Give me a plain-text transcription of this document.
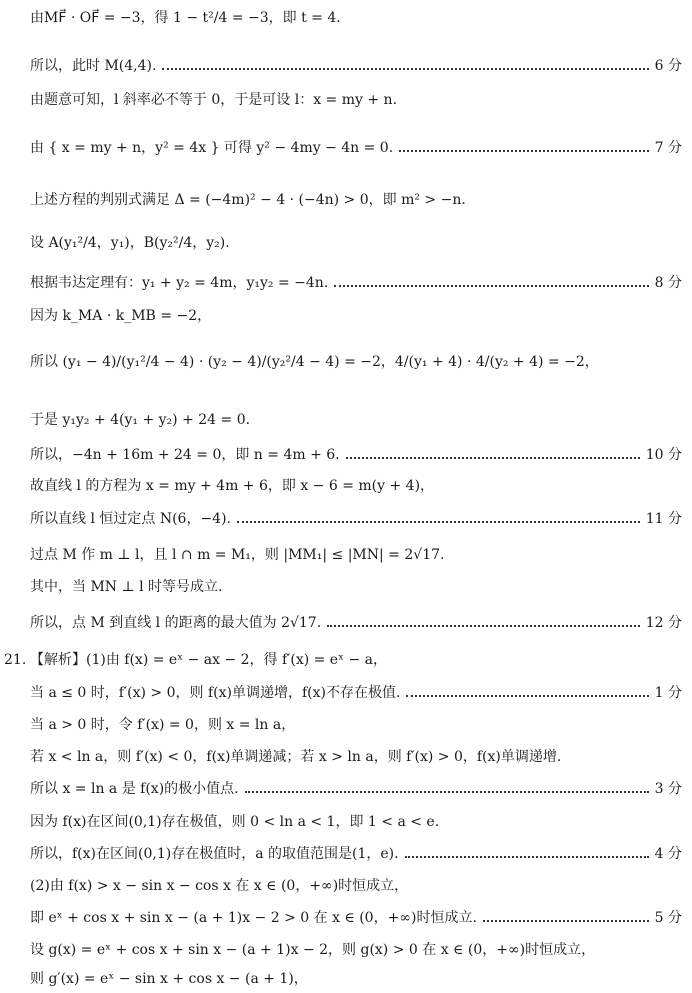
由MF⃗ · OF⃗ = −3，得 1 − t²/4 = −3，即 t = 4.
所以，此时 M(4,4).	6 分
由题意可知，l 斜率必不等于 0，于是可设 l：x = my + n.
由 { x = my + n，y² = 4x } 可得 y² − 4my − 4n = 0.	7 分
上述方程的判别式满足 Δ = (−4m)² − 4 · (−4n) > 0，即 m² > −n.
设 A(y₁²/4，y₁)，B(y₂²/4，y₂).
根据韦达定理有：y₁ + y₂ = 4m，y₁y₂ = −4n.	8 分
因为 k_MA · k_MB = −2，
所以 (y₁ − 4)/(y₁²/4 − 4) · (y₂ − 4)/(y₂²/4 − 4) = −2，4/(y₁ + 4) · 4/(y₂ + 4) = −2，
于是 y₁y₂ + 4(y₁ + y₂) + 24 = 0.
所以，−4n + 16m + 24 = 0，即 n = 4m + 6.	10 分
故直线 l 的方程为 x = my + 4m + 6，即 x − 6 = m(y + 4)，
所以直线 l 恒过定点 N(6，−4).	11 分
过点 M 作 m ⊥ l，且 l ∩ m = M₁，则 |MM₁| ≤ |MN| = 2√17.
其中，当 MN ⊥ l 时等号成立.
所以，点 M 到直线 l 的距离的最大值为 2√17.	12 分
21. 【解析】(1)由 f(x) = eˣ − ax − 2，得 f′(x) = eˣ − a，
当 a ≤ 0 时，f′(x) > 0，则 f(x)单调递增，f(x)不存在极值.	1 分
当 a > 0 时，令 f′(x) = 0，则 x = ln a，
若 x < ln a，则 f′(x) < 0，f(x)单调递减；若 x > ln a，则 f′(x) > 0，f(x)单调递增.
所以 x = ln a 是 f(x)的极小值点.	3 分
因为 f(x)在区间(0,1)存在极值，则 0 < ln a < 1，即 1 < a < e.
所以，f(x)在区间(0,1)存在极值时，a 的取值范围是(1，e).	4 分
(2)由 f(x) > x − sin x − cos x 在 x ∈ (0，+∞)时恒成立，
即 eˣ + cos x + sin x − (a + 1)x − 2 > 0 在 x ∈ (0，+∞)时恒成立.	5 分
设 g(x) = eˣ + cos x + sin x − (a + 1)x − 2，则 g(x) > 0 在 x ∈ (0，+∞)时恒成立，
则 g′(x) = eˣ − sin x + cos x − (a + 1)，
